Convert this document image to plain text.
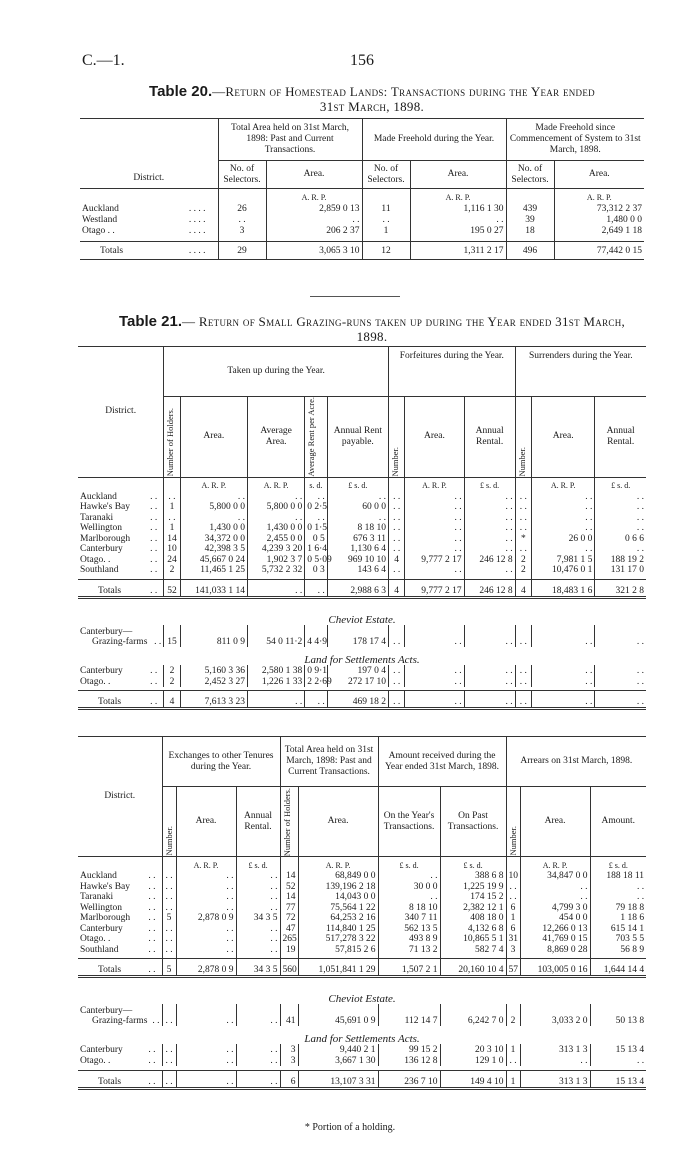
C.—1.	156
Table 20.—Return of Homestead Lands: Transactions during the Year ended
31st March, 1898.
District.	Total Area held on 31st March, 1898: Past and Current Transactions.		Made Freehold during the Year.		Made Freehold since Commencement of System to 31st March, 1898.	
	No. of Selectors.	Area.	No. of Selectors.	Area.	No. of Selectors.	Area.
		A. R. P.		A. R. P.		A. R. P.
Auckland . . . .	26	2,859 0 13	11	1,116 1 30	439	73,312 2 37
Westland . . . .	. .	. .	. .	. .	39	1,480 0 0
Otago . . . . . .	3	206 2 37	1	195 0 27	18	2,649 1 18

Totals . . . .	29	3,065 3 10	12	1,311 2 17	496	77,442 0 15
Table 21.— Return of Small Grazing-runs taken up during the Year ended 31st March,
1898.
District.	Taken up during the Year.					Forfeitures during the Year.			Surrenders during the Year.		

	Number of Holders.	Area.	Average Area.	Average Rent per Acre.	Annual Rent payable.	Number.	Area.	Annual Rental.	Number.	Area.	Annual Rental.
		A. R. P.	A. R. P.	s. d.	£ s. d.		A. R. P.	£ s. d.		A. R. P.	£ s. d.
Auckland . .	. .	. .	. .	. .	. .	. .	. .	. .	. .	. .	. .
Hawke's Bay . .	1	5,800 0 0	5,800 0 0	0 2·5	60 0 0	. .	. .	. .	. .	. .	. .
Taranaki . .	. .	. .	. .	. .	. .	. .	. .	. .	. .	. .	. .
Wellington . .	1	1,430 0 0	1,430 0 0	0 1·5	8 18 10	. .	. .	. .	. .	. .	. .
Marlborough . .	14	34,372 0 0	2,455 0 0	0 5	676 3 11	. .	. .	. .	*	26 0 0	0 6 6
Canterbury . .	10	42,398 3 5	4,239 3 20	1 6·4	1,130 6 4	. .	. .	. .	. .	. .	. .
Otago. . . .	24	45,667 0 24	1,902 3 7	0 5·09	969 10 10	4	9,777 2 17	246 12 8	2	7,981 1 5	188 19 2
Southland . .	2	11,465 1 25	5,732 2 32	0 3	143 6 4	. .	. .	. .	2	10,476 0 1	131 17 0

Totals . .	52	141,033 1 14	. .	. .	2,988 6 3	4	9,777 2 17	246 12 8	4	18,483 1 6	321 2 8

Cheviot Estate.											

Canterbury—
Grazing-farms . .	15	811 0 9	54 0 11·2	4 4·9	178 17 4	. .	. .	. .	. .	. .	. .
Land for Settlements Acts.											
Canterbury . .	2	5,160 3 36	2,580 1 38	0 9·1	197 0 4	. .	. .	. .	. .	. .	. .
Otago. . . .	2	2,452 3 27	1,226 1 33	2 2·69	272 17 10	. .	. .	. .	. .	. .	. .

Totals . .	4	7,613 3 23	. .	. .	469 18 2	. .	. .	. .	. .	. .	. .

District.	Exchanges to other Tenures during the Year.			Total Area held on 31st March, 1898: Past and Current Transactions.		Amount received during the Year ended 31st March, 1898.		Arrears on 31st March, 1898.		

	Number.	Area.	Annual Rental.	Number of Holders.	Area.	On the Year's Transactions.	On Past Transactions.	Number.	Area.	Amount.
		A. R. P.	£ s. d.		A. R. P.	£ s. d.	£ s. d.		A. R. P.	£ s. d.
Auckland . .	. .	. .	. .	14	68,849 0 0	. .	388 6 8	10	34,847 0 0	188 18 11
Hawke's Bay . .	. .	. .	. .	52	139,196 2 18	30 0 0	1,225 19 9	. .	. .	. .
Taranaki . .	. .	. .	. .	14	14,043 0 0	. .	174 15 2	. .	. .	. .
Wellington . .	. .	. .	. .	77	75,564 1 22	8 18 10	2,382 12 1	6	4,799 3 0	79 18 8
Marlborough . .	5	2,878 0 9	34 3 5	72	64,253 2 16	340 7 11	408 18 0	1	454 0 0	1 18 6
Canterbury . .	. .	. .	. .	47	114,840 1 25	562 13 5	4,132 6 8	6	12,266 0 13	615 14 1
Otago. . . .	. .	. .	. .	265	517,278 3 22	493 8 9	10,865 5 1	31	41,769 0 15	703 5 5
Southland . .	. .	. .	. .	19	57,815 2 6	71 13 2	582 7 4	3	8,869 0 28	56 8 9

Totals . .	5	2,878 0 9	34 3 5	560	1,051,841 1 29	1,507 2 1	20,160 10 4	57	103,005 0 16	1,644 14 4

Cheviot Estate.										

Canterbury—
Grazing-farms . .	. .	. .	. .	41	45,691 0 9	112 14 7	6,242 7 0	2	3,033 2 0	50 13 8
Land for Settlements Acts.										
Canterbury . .	. .	. .	. .	3	9,440 2 1	99 15 2	20 3 10	1	313 1 3	15 13 4
Otago. . . .	. .	. .	. .	3	3,667 1 30	136 12 8	129 1 0	. .	. .	. .

Totals . .	. .	. .	. .	6	13,107 3 31	236 7 10	149 4 10	1	313 1 3	15 13 4

* Portion of a holding.
